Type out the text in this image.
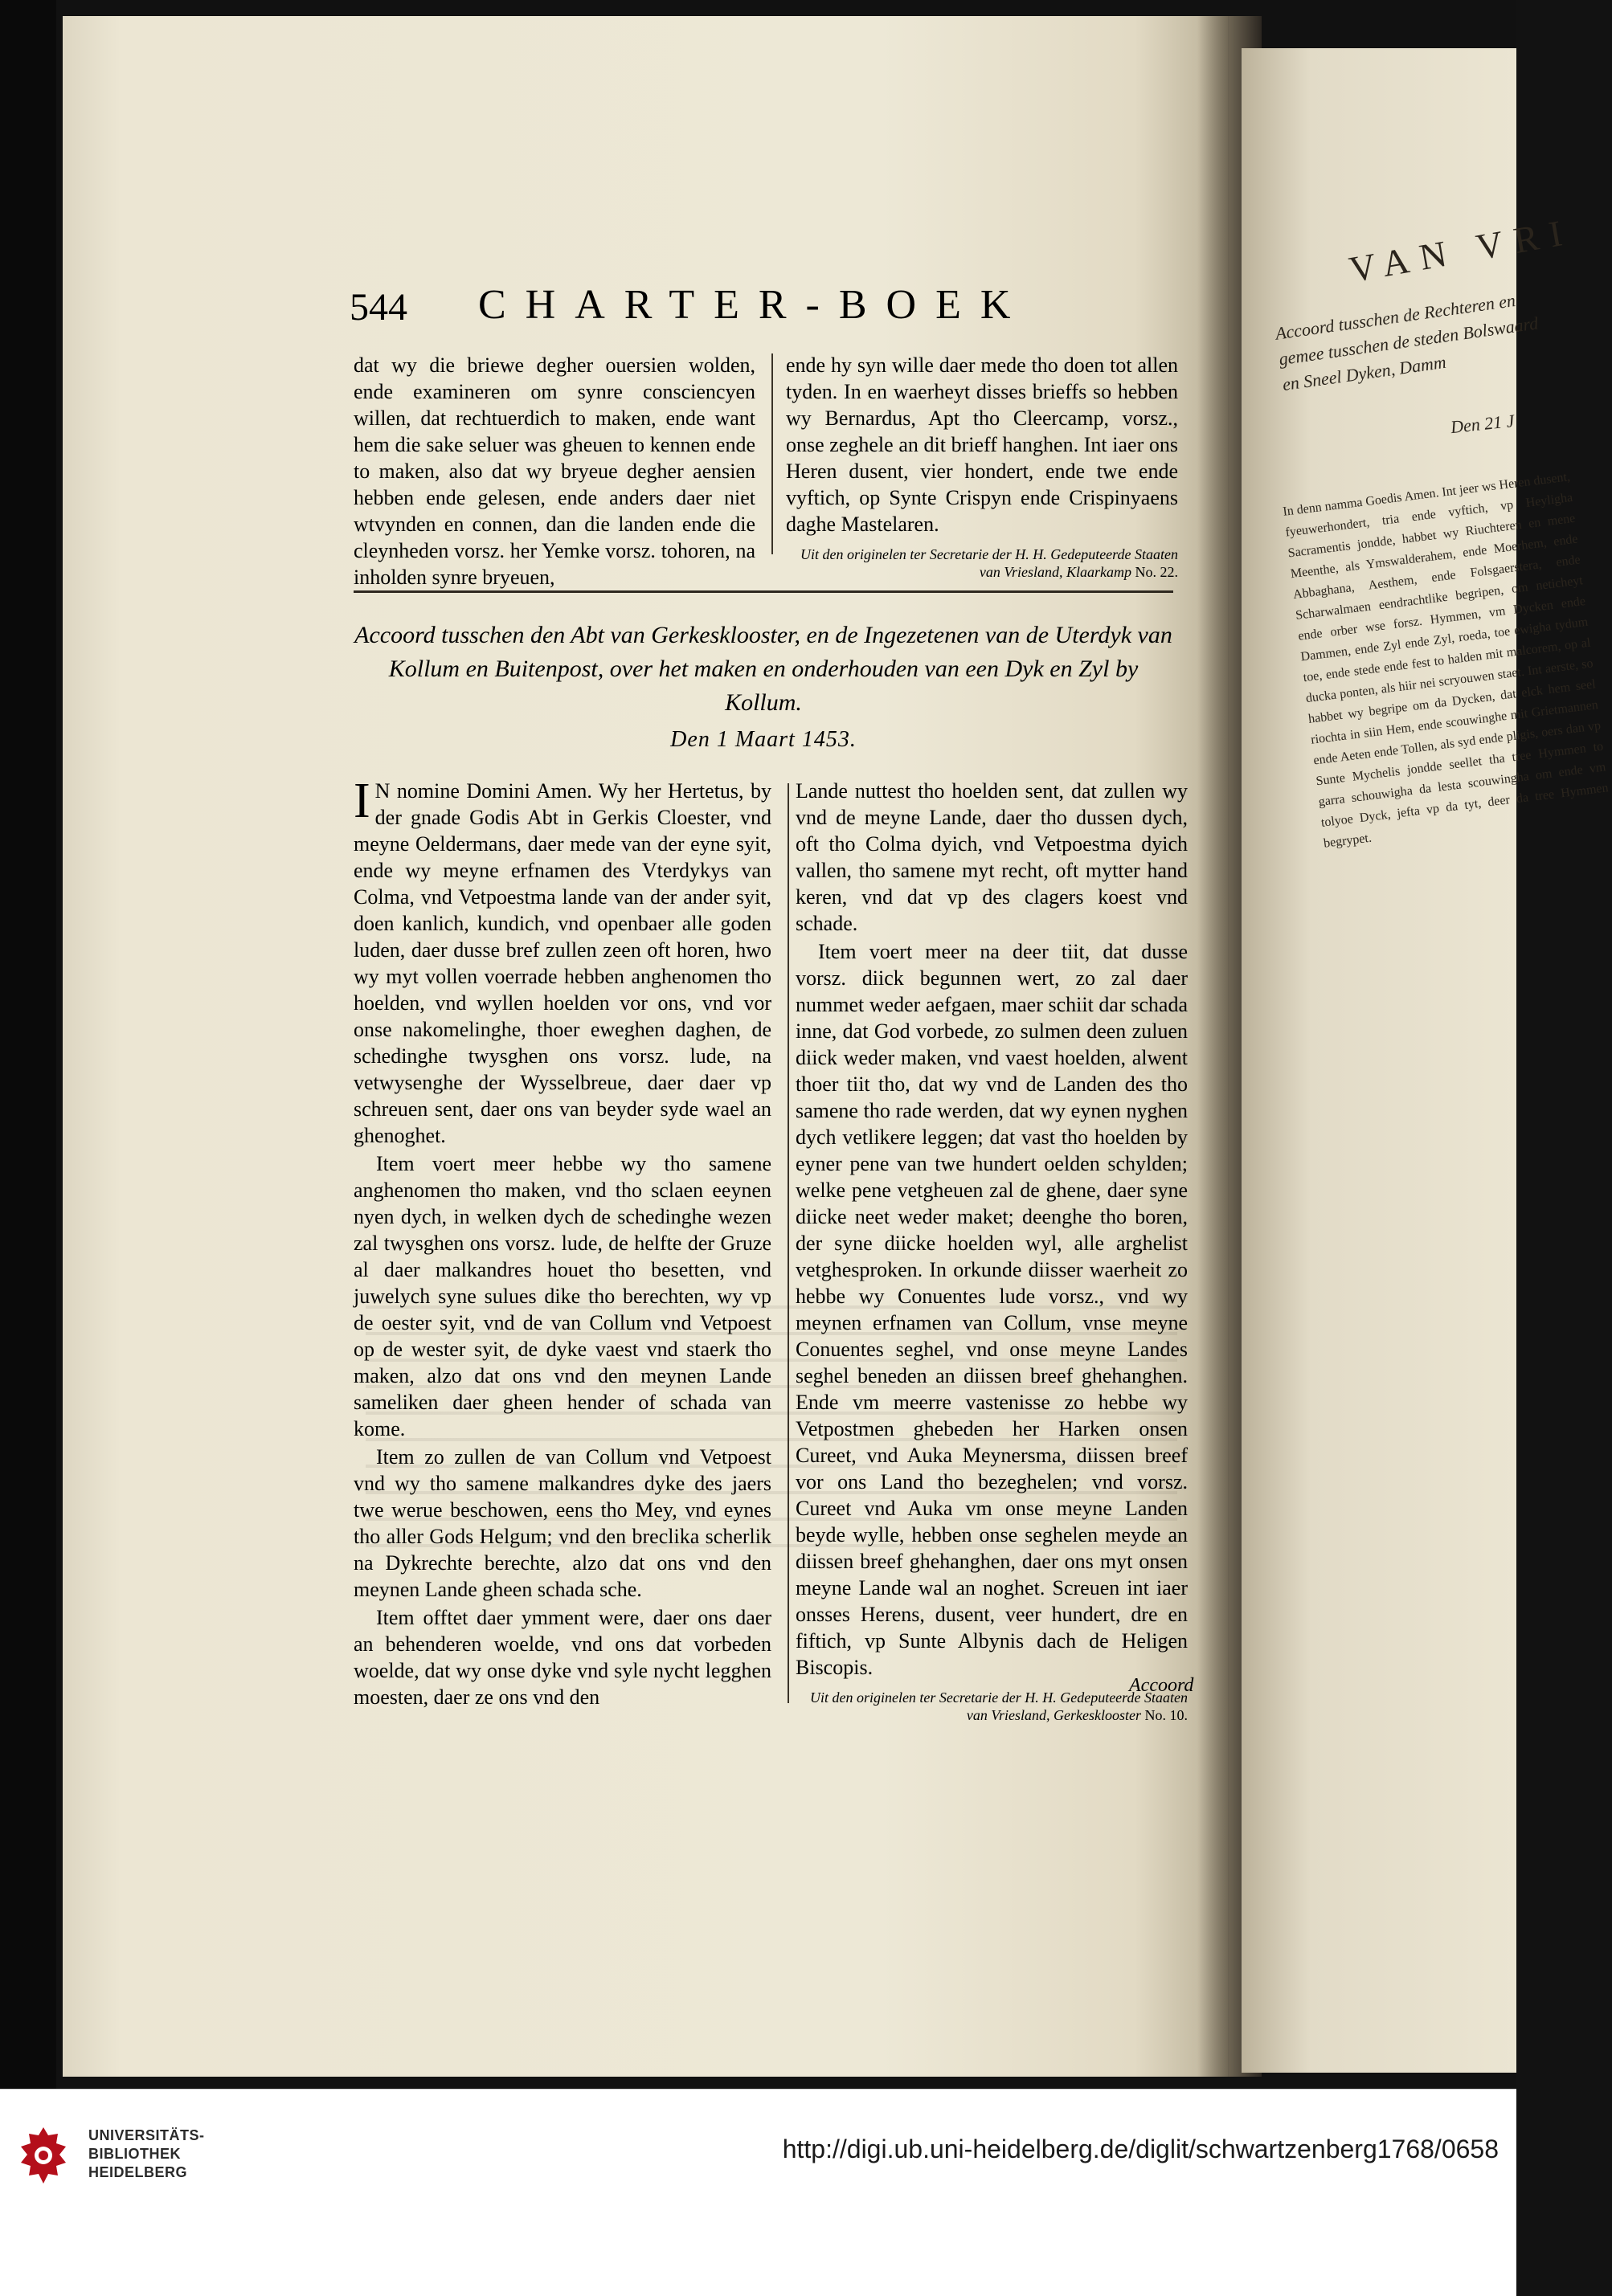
VAN VRI
Accoord tusschen de Rechteren en gemee tusschen de steden Bolswaard en Sneel Dyken, Damm
Den 21 J
In denn namma Goedis Amen. Int jeer ws Heren dusent, fyeuwerhondert, tria ende vyftich, vp Heyligha Sacramentis jondde, habbet wy Riuchteren en mene Meenthe, als Ymswalderahem, ende Moerhem, ende Abbaghana, Aesthem, ende Folsgaerstera, ende Scharwalmaen eendrachtlike begripen, om neticheyt ende orber wse forsz. Hymmen, vm Dycken ende Dammen, ende Zyl ende Zyl, roeda, toe ewigha tydum toe, ende stede ende fest to halden mit malcorem, op al ducka ponten, als hiir nei scryouwen staet. Int aerste, so habbet wy begripe om da Dycken, dat elck hem seel riochta in siin Hem, ende scouwinghe mit Grietmannen ende Aeten ende Tollen, als syd ende pligis, oers dan vp Sunte Mychelis jondde seellet tha tree Hymmen to garra schouwigha da lesta scouwingha om ende vm tolyoe Dyck, jefta vp da tyt, deer da tree Hymmen begrypet.
544 CHARTER-BOEK

dat wy die briewe degher ouersien wolden, ende examineren om synre consciencyen willen, dat rechtuerdich to maken, ende want hem die sake seluer was gheuen to kennen ende to maken, also dat wy bryeue degher aensien hebben ende gelesen, ende anders daer niet wtvynden en connen, dan die landen ende die cleynheden vorsz. her Yemke vorsz. tohoren, na inholden synre bryeuen,

ende hy syn wille daer mede tho doen tot allen tyden. In en waerheyt disses brieffs so hebben wy Bernardus, Apt tho Cleercamp, vorsz., onse zeghele an dit brieff hanghen. Int iaer ons Heren dusent, vier hondert, ende twe ende vyftich, op Synte Crispyn ende Crispinyaens daghe Mastelaren.

Uit den originelen ter Secretarie der H. H. Gedeputeerde Staaten van Vriesland, Klaarkamp No. 22.
Accoord tusschen den Abt van Gerkesklooster, en de Ingezetenen van de Uterdyk van Kollum en Buitenpost, over het maken en onderhouden van een Dyk en Zyl by Kollum.
Den 1 Maart 1453.

I N nomine Domini Amen. Wy her Hertetus, by der gnade Godis Abt in Gerkis Cloester, vnd meyne Oeldermans, daer mede van der eyne syit, ende wy meyne erfnamen des Vterdykys van Colma, vnd Vetpoestma lande van der ander syit, doen kanlich, kundich, vnd openbaer alle goden luden, daer dusse bref zullen zeen oft horen, hwo wy myt vollen voerrade hebben anghenomen tho hoelden, vnd wyllen hoelden vor ons, vnd vor onse nakomelinghe, thoer eweghen daghen, de schedinghe twysghen ons vorsz. lude, na vetwysenghe der Wysselbreue, daer daer vp schreuen sent, daer ons van beyder syde wael an ghenoghet.

Item voert meer hebbe wy tho samene anghenomen tho maken, vnd tho sclaen eeynen nyen dych, in welken dych de schedinghe wezen zal twysghen ons vorsz. lude, de helfte der Gruze al daer malkandres houet tho besetten, vnd juwelych syne sulues dike tho berechten, wy vp de oester syit, vnd de van Collum vnd Vetpoest op de wester syit, de dyke vaest vnd staerk tho maken, alzo dat ons vnd den meynen Lande sameliken daer gheen hender of schada van kome.

Item zo zullen de van Collum vnd Vetpoest vnd wy tho samene malkandres dyke des jaers twe werue beschowen, eens tho Mey, vnd eynes tho aller Gods Helgum; vnd den breclika scherlik na Dykrechte berechte, alzo dat ons vnd den meynen Lande gheen schada sche.

Item offtet daer ymment were, daer ons daer an behenderen woelde, vnd ons dat vorbeden woelde, dat wy onse dyke vnd syle nycht legghen moesten, daer ze ons vnd den

Lande nuttest tho hoelden sent, dat zullen wy vnd de meyne Lande, daer tho dussen dych, oft tho Colma dyich, vnd Vetpoestma dyich vallen, tho samene myt recht, oft mytter hand keren, vnd dat vp des clagers koest vnd schade.

Item voert meer na deer tiit, dat dusse vorsz. diick begunnen wert, zo zal daer nummet weder aefgaen, maer schiit dar schada inne, dat God vorbede, zo sulmen deen zuluen diick weder maken, vnd vaest hoelden, alwent thoer tiit tho, dat wy vnd de Landen des tho samene tho rade werden, dat wy eynen nyghen dych vetlikere leggen; dat vast tho hoelden by eyner pene van twe hundert oelden schylden; welke pene vetgheuen zal de ghene, daer syne diicke neet weder maket; deenghe tho boren, der syne diicke hoelden wyl, alle arghelist vetghesproken. In orkunde diisser waerheit zo hebbe wy Conuentes lude vorsz., vnd wy meynen erfnamen van Collum, vnse meyne Conuentes seghel, vnd onse meyne Landes seghel beneden an diissen breef ghehanghen. Ende vm meerre vastenisse zo hebbe wy Vetpostmen ghebeden her Harken onsen Cureet, vnd Auka Meynersma, diissen breef vor ons Land tho bezeghelen; vnd vorsz. Cureet vnd Auka vm onse meyne Landen beyde wylle, hebben onse seghelen meyde an diissen breef ghehanghen, daer ons myt onsen meyne Lande wal an noghet. Screuen int iaer onsses Herens, dusent, veer hundert, dre en fiftich, vp Sunte Albynis dach de Heligen Biscopis.

Uit den originelen ter Secretarie der H. H. Gedeputeerde Staaten van Vriesland, Gerkesklooster No. 10.
Accoord
UNIVERSITÄTS-
BIBLIOTHEK
HEIDELBERG
http://digi.ub.uni-heidelberg.de/diglit/schwartzenberg1768/0658
